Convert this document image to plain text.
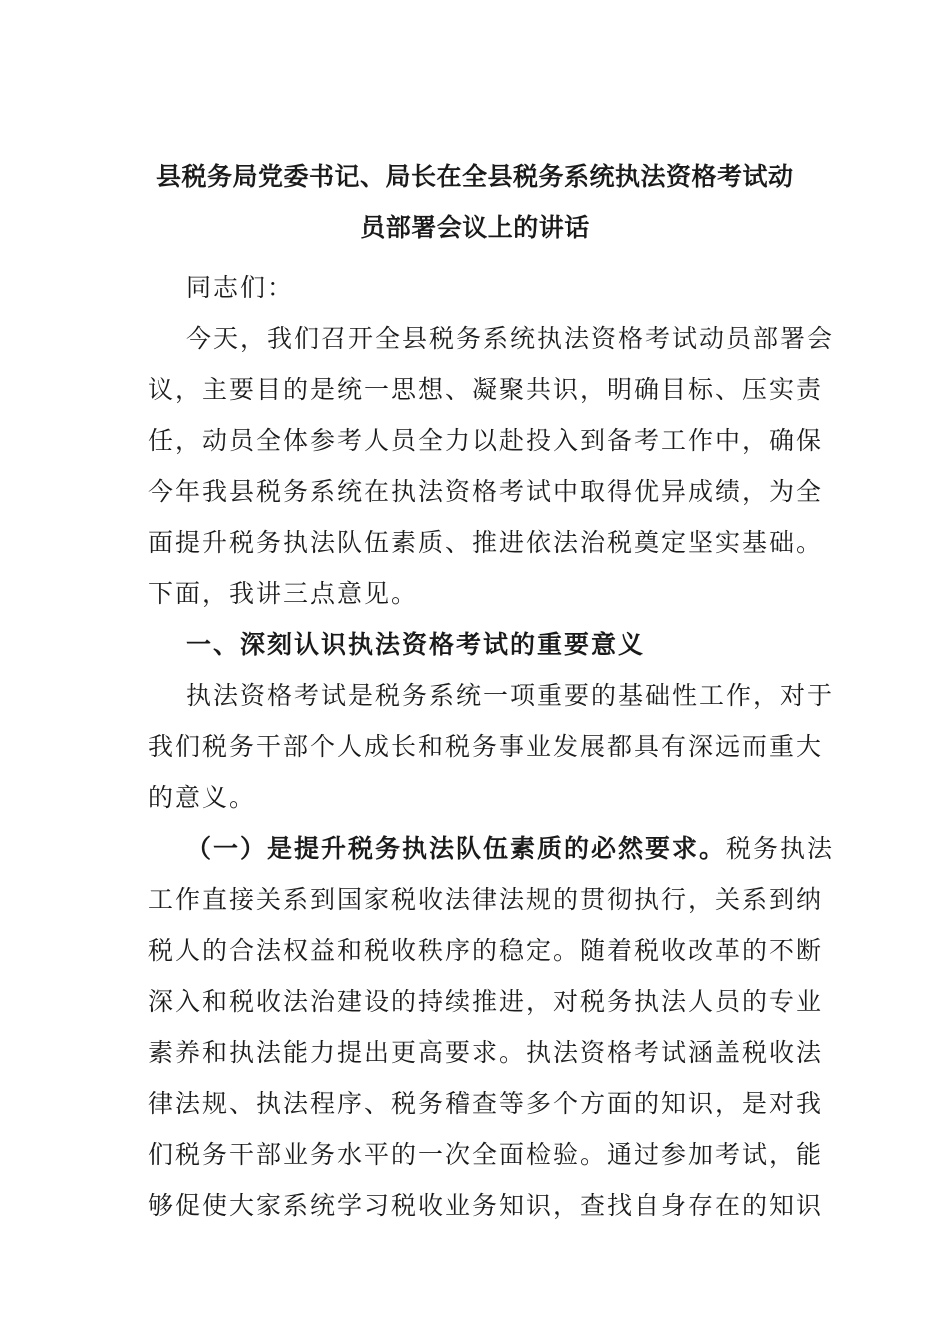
县税务局党委书记、局长在全县税务系统执法资格考试动
员部署会议上的讲话
同志们：
今天，我们召开全县税务系统执法资格考试动员部署会
议，主要目的是统一思想、凝聚共识，明确目标、压实责
任，动员全体参考人员全力以赴投入到备考工作中，确保
今年我县税务系统在执法资格考试中取得优异成绩，为全
面提升税务执法队伍素质、推进依法治税奠定坚实基础。
下面，我讲三点意见。
一、深刻认识执法资格考试的重要意义
执法资格考试是税务系统一项重要的基础性工作，对于
我们税务干部个人成长和税务事业发展都具有深远而重大
的意义。
（一）是提升税务执法队伍素质的必然要求。税务执法
工作直接关系到国家税收法律法规的贯彻执行，关系到纳
税人的合法权益和税收秩序的稳定。随着税收改革的不断
深入和税收法治建设的持续推进，对税务执法人员的专业
素养和执法能力提出更高要求。执法资格考试涵盖税收法
律法规、执法程序、税务稽查等多个方面的知识，是对我
们税务干部业务水平的一次全面检验。通过参加考试，能
够促使大家系统学习税收业务知识，查找自身存在的知识
